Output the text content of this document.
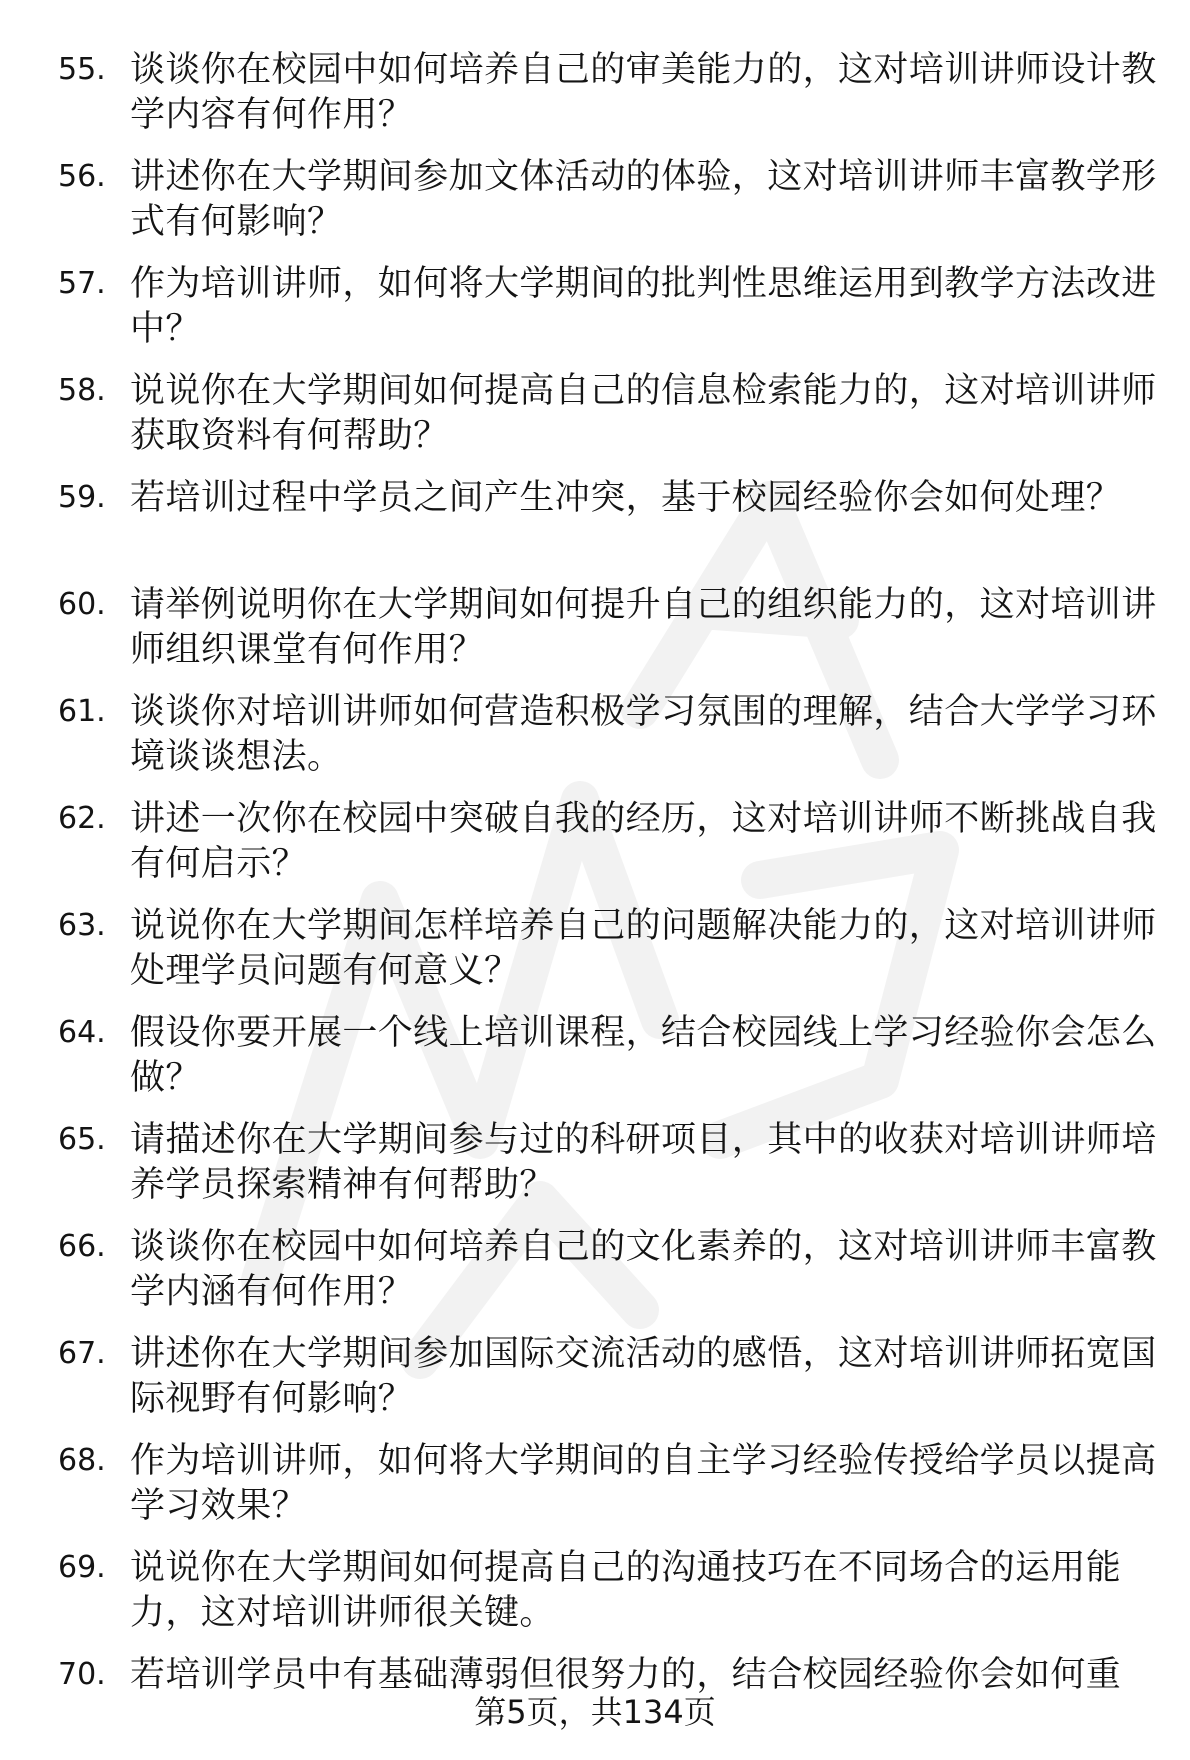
55. 谈谈你在校园中如何培养自己的审美能力的，这对培训讲师设计教学内容有何作用？
56. 讲述你在大学期间参加文体活动的体验，这对培训讲师丰富教学形式有何影响？
57. 作为培训讲师，如何将大学期间的批判性思维运用到教学方法改进中？
58. 说说你在大学期间如何提高自己的信息检索能力的，这对培训讲师获取资料有何帮助？
59. 若培训过程中学员之间产生冲突，基于校园经验你会如何处理？
60. 请举例说明你在大学期间如何提升自己的组织能力的，这对培训讲师组织课堂有何作用？
61. 谈谈你对培训讲师如何营造积极学习氛围的理解，结合大学学习环境谈谈想法。
62. 讲述一次你在校园中突破自我的经历，这对培训讲师不断挑战自我有何启示？
63. 说说你在大学期间怎样培养自己的问题解决能力的，这对培训讲师处理学员问题有何意义？
64. 假设你要开展一个线上培训课程，结合校园线上学习经验你会怎么做？
65. 请描述你在大学期间参与过的科研项目，其中的收获对培训讲师培养学员探索精神有何帮助？
66. 谈谈你在校园中如何培养自己的文化素养的，这对培训讲师丰富教学内涵有何作用？
67. 讲述你在大学期间参加国际交流活动的感悟，这对培训讲师拓宽国际视野有何影响？
68. 作为培训讲师，如何将大学期间的自主学习经验传授给学员以提高学习效果？
69. 说说你在大学期间如何提高自己的沟通技巧在不同场合的运用能力，这对培训讲师很关键。
70. 若培训学员中有基础薄弱但很努力的，结合校园经验你会如何重
第5页，共134页
